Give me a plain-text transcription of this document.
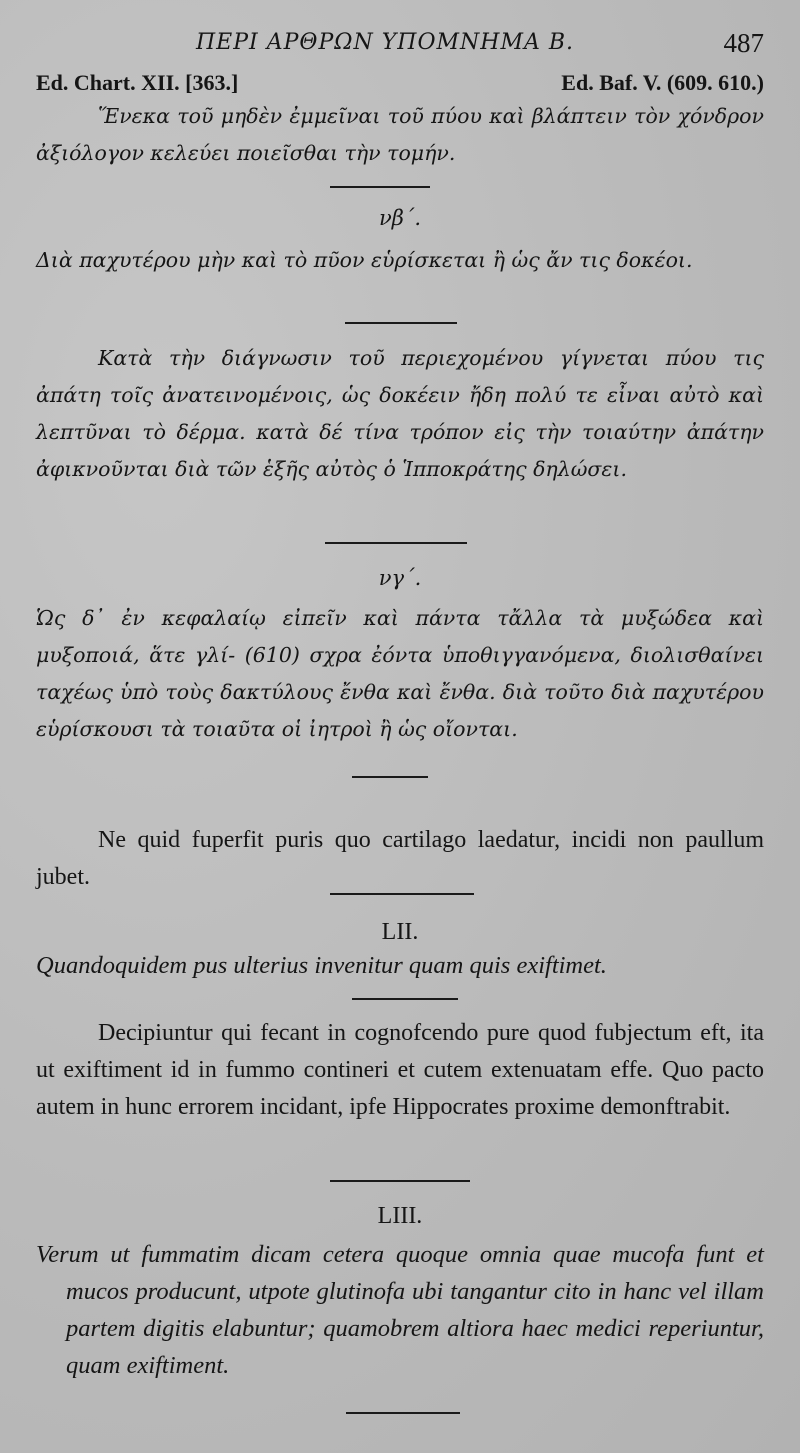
ΠΕΡΙ ΑΡΘΡΩΝ ΥΠΟΜΝΗΜΑ Β.	487
Ed. Chart. XII. [363.]	Ed. Baf. V. (609. 610.)
Ἕνεκα τοῦ μηδὲν ἐμμεῖναι τοῦ πύου καὶ βλάπτειν τὸν χόνδρον ἀξιόλογον κελεύει ποιεῖσθαι τὴν τομήν.
νβ΄.
Διὰ παχυτέρου μὴν καὶ τὸ πῦον εὑρίσκεται ἢ ὡς ἄν τις δοκέοι.
Κατὰ τὴν διάγνωσιν τοῦ περιεχομένου γίγνεται πύου τις ἀπάτη τοῖς ἀνατεινομένοις, ὡς δοκέειν ἤδη πολύ τε εἶναι αὐτὸ καὶ λεπτῦναι τὸ δέρμα. κατὰ δέ τίνα τρόπον εἰς τὴν τοιαύτην ἀπάτην ἀφικνοῦνται διὰ τῶν ἑξῆς αὐτὸς ὁ Ἱπποκράτης δηλώσει.
νγ΄.
Ὡς δ᾽ ἐν κεφαλαίῳ εἰπεῖν καὶ πάντα τἄλλα τὰ μυξώδεα καὶ μυξοποιά, ἅτε γλί- (610) σχρα ἐόντα ὑποθιγγανόμενα, διολισθαίνει ταχέως ὑπὸ τοὺς δακτύλους ἔνθα καὶ ἔνθα. διὰ τοῦτο διὰ παχυτέρου εὑρίσκουσι τὰ τοιαῦτα οἱ ἰητροὶ ἢ ὡς οἴονται.
Ne quid fuperfit puris quo cartilago laedatur, incidi non paullum jubet.
LII.
Quandoquidem pus ulterius invenitur quam quis exiftimet.
Decipiuntur qui fecant in cognofcendo pure quod fubjectum eft, ita ut exiftiment id in fummo contineri et cutem extenuatam effe. Quo pacto autem in hunc errorem incidant, ipfe Hippocrates proxime demonftrabit.
LIII.
Verum ut fummatim dicam cetera quoque omnia quae mucofa funt et mucos producunt, utpote glutinofa ubi tangantur cito in hanc vel illam partem digitis elabuntur; quamobrem altiora haec medici reperiuntur, quam exiftiment.
